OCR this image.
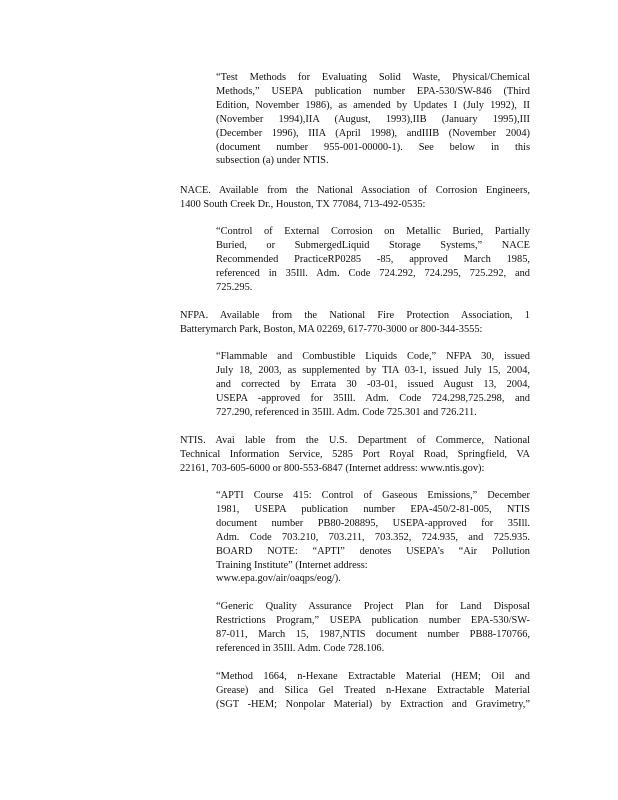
“Test Methods for Evaluating Solid Waste, Physical/Chemical
Methods,” USEPA publication number EPA-530/SW-846 (Third
Edition, November 1986), as amended by Updates I (July 1992), II
(November 1994),IIA (August, 1993),IIB (January 1995),III
(December 1996), IIIA (April 1998), andIIIB (November 2004)
(document number 955-001-00000-1). See below in this
subsection (a) under NTIS.
NACE. Available from the National Association of Corrosion Engineers,
1400 South Creek Dr., Houston, TX 77084, 713-492-0535:
“Control of External Corrosion on Metallic Buried, Partially
Buried, or SubmergedLiquid Storage Systems,” NACE
Recommended PracticeRP0285 -85, approved March 1985,
referenced in 35Ill. Adm. Code 724.292, 724.295, 725.292, and
725.295.
NFPA. Available from the National Fire Protection Association, 1
Batterymarch Park, Boston, MA 02269, 617-770-3000 or 800-344-3555:
“Flammable and Combustible Liquids Code,” NFPA 30, issued
July 18, 2003, as supplemented by TIA 03-1, issued July 15, 2004,
and corrected by Errata 30 -03-01, issued August 13, 2004,
USEPA -approved for 35Ill. Adm. Code 724.298,725.298, and
727.290, referenced in 35Ill. Adm. Code 725.301 and 726.211.
NTIS. Avai lable from the U.S. Department of Commerce, National
Technical Information Service, 5285 Port Royal Road, Springfield, VA
22161, 703-605-6000 or 800-553-6847 (Internet address: www.ntis.gov):
“APTI Course 415: Control of Gaseous Emissions,” December
1981, USEPA publication number EPA-450/2-81-005, NTIS
document number PB80-208895, USEPA-approved for 35Ill.
Adm. Code 703.210, 703.211, 703.352, 724.935, and 725.935.
BOARD NOTE: “APTI” denotes USEPA’s “Air Pollution
Training Institute” (Internet address:
www.epa.gov/air/oaqps/eog/).
“Generic Quality Assurance Project Plan for Land Disposal
Restrictions Program,” USEPA publication number EPA-530/SW-
87-011, March 15, 1987,NTIS document number PB88-170766,
referenced in 35Ill. Adm. Code 728.106.
“Method 1664, n-Hexane Extractable Material (HEM; Oil and
Grease) and Silica Gel Treated n-Hexane Extractable Material
(SGT -HEM; Nonpolar Material) by Extraction and Gravimetry,”
